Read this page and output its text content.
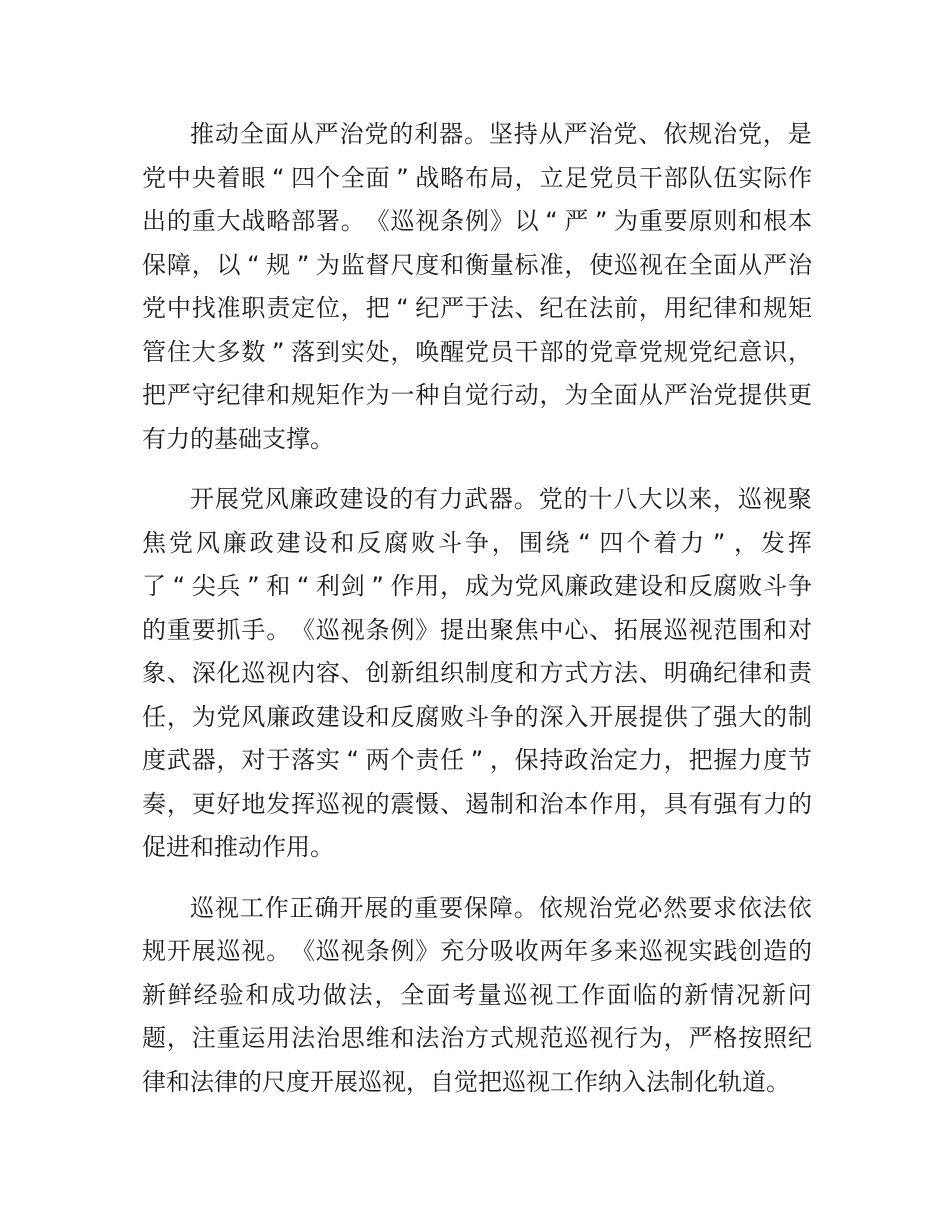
推 动 全 面 从 严 治 党 的 利 器 。 坚 持 从 严 治 党 、 依 规 治 党 ， 是
党 中 央 着 眼 “ 四 个 全 面 ” 战 略 布 局 ， 立 足 党 员 干 部 队 伍 实 际 作
出 的 重 大 战 略 部 署 。 《 巡 视 条 例 》 以 “ 严 ” 为 重 要 原 则 和 根 本
保 障 ， 以 “ 规 ” 为 监 督 尺 度 和 衡 量 标 准 ， 使 巡 视 在 全 面 从 严 治
党 中 找 准 职 责 定 位 ， 把 “ 纪 严 于 法 、 纪 在 法 前 ， 用 纪 律 和 规 矩
管 住 大 多 数 ” 落 到 实 处 ， 唤 醒 党 员 干 部 的 党 章 党 规 党 纪 意 识 ，
把 严 守 纪 律 和 规 矩 作 为 一 种 自 觉 行 动 ， 为 全 面 从 严 治 党 提 供 更
有 力 的 基 础 支 撑 。
开 展 党 风 廉 政 建 设 的 有 力 武 器 。 党 的 十 八 大 以 来 ， 巡 视 聚
焦 党 风 廉 政 建 设 和 反 腐 败 斗 争 ， 围 绕 “ 四 个 着 力 ” ， 发 挥
了 “ 尖 兵 ” 和 “ 利 剑 ” 作 用 ， 成 为 党 风 廉 政 建 设 和 反 腐 败 斗 争
的 重 要 抓 手 。 《 巡 视 条 例 》 提 出 聚 焦 中 心 、 拓 展 巡 视 范 围 和 对
象 、 深 化 巡 视 内 容 、 创 新 组 织 制 度 和 方 式 方 法 、 明 确 纪 律 和 责
任 ， 为 党 风 廉 政 建 设 和 反 腐 败 斗 争 的 深 入 开 展 提 供 了 强 大 的 制
度 武 器 ， 对 于 落 实 “ 两 个 责 任 ” ， 保 持 政 治 定 力 ， 把 握 力 度 节
奏 ， 更 好 地 发 挥 巡 视 的 震 慑 、 遏 制 和 治 本 作 用 ， 具 有 强 有 力 的
促 进 和 推 动 作 用 。
巡 视 工 作 正 确 开 展 的 重 要 保 障 。 依 规 治 党 必 然 要 求 依 法 依
规 开 展 巡 视 。 《 巡 视 条 例 》 充 分 吸 收 两 年 多 来 巡 视 实 践 创 造 的
新 鲜 经 验 和 成 功 做 法 ， 全 面 考 量 巡 视 工 作 面 临 的 新 情 况 新 问
题 ， 注 重 运 用 法 治 思 维 和 法 治 方 式 规 范 巡 视 行 为 ， 严 格 按 照 纪
律 和 法 律 的 尺 度 开 展 巡 视 ， 自 觉 把 巡 视 工 作 纳 入 法 制 化 轨 道 。
